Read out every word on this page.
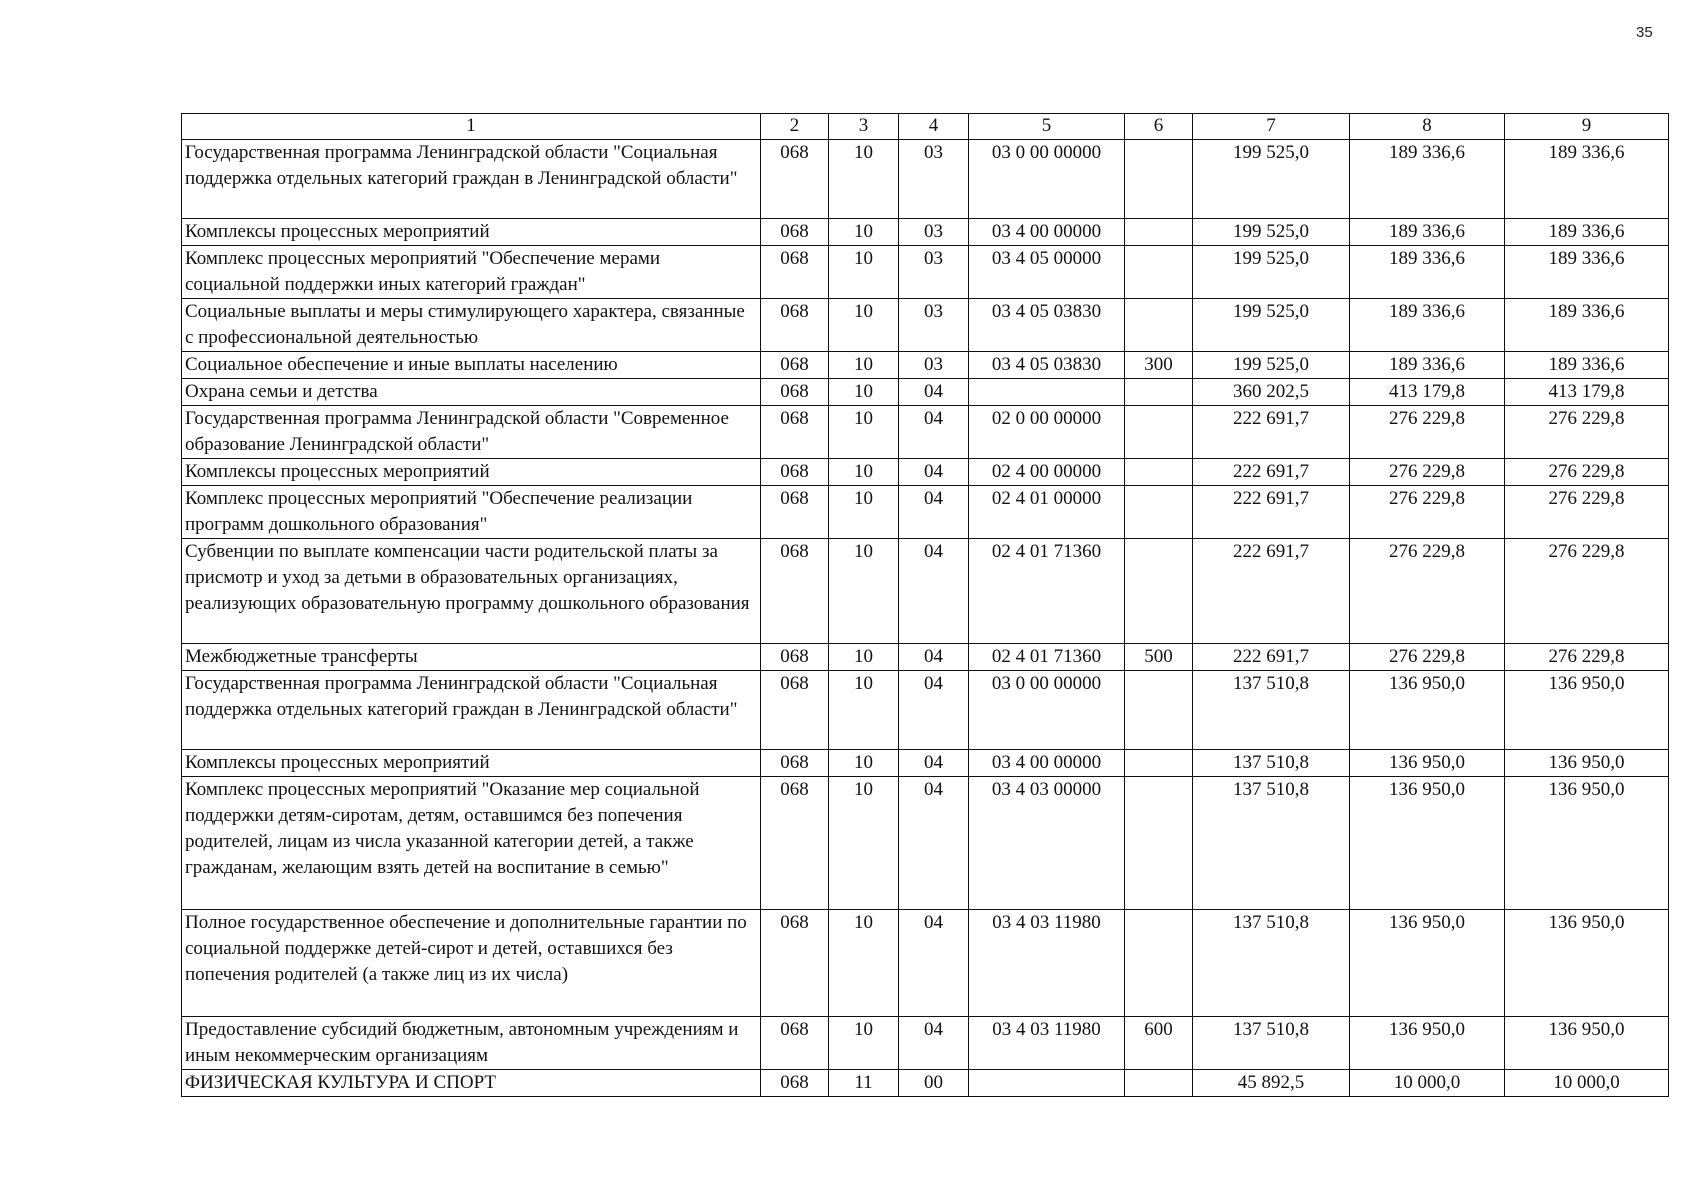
35
1	2	3	4	5	6	7	8	9
Государственная программа Ленинградской области "Социальная поддержка отдельных категорий граждан в Ленинградской области"	068	10	03	03 0 00 00000		199 525,0	189 336,6	189 336,6
Комплексы процессных мероприятий	068	10	03	03 4 00 00000		199 525,0	189 336,6	189 336,6
Комплекс процессных мероприятий "Обеспечение мерами социальной поддержки иных категорий граждан"	068	10	03	03 4 05 00000		199 525,0	189 336,6	189 336,6
Социальные выплаты и меры стимулирующего характера, связанные с профессиональной деятельностью	068	10	03	03 4 05 03830		199 525,0	189 336,6	189 336,6
Социальное обеспечение и иные выплаты населению	068	10	03	03 4 05 03830	300	199 525,0	189 336,6	189 336,6
Охрана семьи и детства	068	10	04			360 202,5	413 179,8	413 179,8
Государственная программа Ленинградской области "Современное образование Ленинградской области"	068	10	04	02 0 00 00000		222 691,7	276 229,8	276 229,8
Комплексы процессных мероприятий	068	10	04	02 4 00 00000		222 691,7	276 229,8	276 229,8
Комплекс процессных мероприятий "Обеспечение реализации программ дошкольного образования"	068	10	04	02 4 01 00000		222 691,7	276 229,8	276 229,8
Субвенции по выплате компенсации части родительской платы за присмотр и уход за детьми в образовательных организациях, реализующих образовательную программу дошкольного образования	068	10	04	02 4 01 71360		222 691,7	276 229,8	276 229,8
Межбюджетные трансферты	068	10	04	02 4 01 71360	500	222 691,7	276 229,8	276 229,8
Государственная программа Ленинградской области "Социальная поддержка отдельных категорий граждан в Ленинградской области"	068	10	04	03 0 00 00000		137 510,8	136 950,0	136 950,0
Комплексы процессных мероприятий	068	10	04	03 4 00 00000		137 510,8	136 950,0	136 950,0
Комплекс процессных мероприятий "Оказание мер социальной поддержки детям-сиротам, детям, оставшимся без попечения родителей, лицам из числа указанной категории детей, а также гражданам, желающим взять детей на воспитание в семью"	068	10	04	03 4 03 00000		137 510,8	136 950,0	136 950,0
Полное государственное обеспечение и дополнительные гарантии по социальной поддержке детей-сирот и детей, оставшихся без попечения родителей (а также лиц из их числа)	068	10	04	03 4 03 11980		137 510,8	136 950,0	136 950,0
Предоставление субсидий бюджетным, автономным учреждениям и иным некоммерческим организациям	068	10	04	03 4 03 11980	600	137 510,8	136 950,0	136 950,0
ФИЗИЧЕСКАЯ КУЛЬТУРА И СПОРТ	068	11	00			45 892,5	10 000,0	10 000,0
